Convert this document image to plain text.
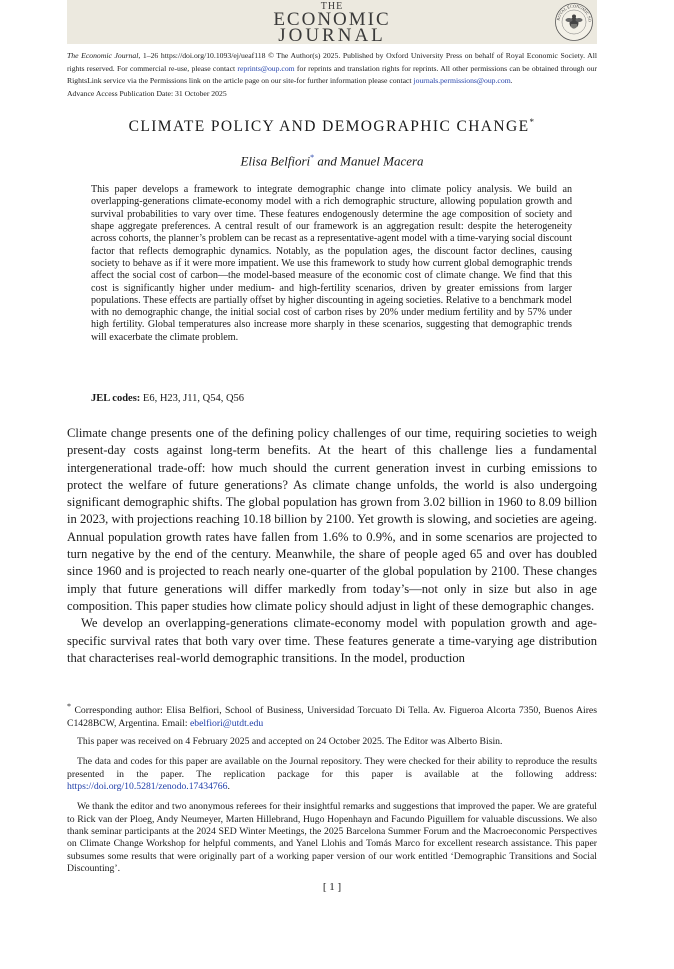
THE
ECONOMIC
JOURNAL
ROYAL ECONOMIC SO
The Economic Journal, 1–26 https://doi.org/10.1093/ej/ueaf118 © The Author(s) 2025. Published by Oxford University Press on behalf of Royal Economic Society. All rights reserved. For commercial re-use, please contact reprints@oup.com for reprints and translation rights for reprints. All other permissions can be obtained through our RightsLink service via the Permissions link on the article page on our site-for further information please contact journals.permissions@oup.com.
Advance Access Publication Date: 31 October 2025
CLIMATE POLICY AND DEMOGRAPHIC CHANGE*
Elisa Belfiori* and Manuel Macera
This paper develops a framework to integrate demographic change into climate policy analysis. We build an overlapping-generations climate-economy model with a rich demographic structure, allowing population growth and survival probabilities to vary over time. These features endogenously determine the age composition of society and shape aggregate preferences. A central result of our framework is an aggregation result: despite the heterogeneity across cohorts, the planner’s problem can be recast as a representative-agent model with a time-varying social discount factor that reflects demographic dynamics. Notably, as the population ages, the discount factor declines, causing society to behave as if it were more impatient. We use this framework to study how current global demographic trends affect the social cost of carbon—the model-based measure of the economic cost of climate change. We find that this cost is significantly higher under medium- and high-fertility scenarios, driven by greater emissions from larger populations. These effects are partially offset by higher discounting in ageing societies. Relative to a benchmark model with no demographic change, the initial social cost of carbon rises by 20% under medium fertility and by 57% under high fertility. Global temperatures also increase more sharply in these scenarios, suggesting that demographic trends will exacerbate the climate problem.
JEL codes: E6, H23, J11, Q54, Q56

Climate change presents one of the defining policy challenges of our time, requiring societies to weigh present-day costs against long-term benefits. At the heart of this challenge lies a fundamental intergenerational trade-off: how much should the current generation invest in curbing emissions to protect the welfare of future generations? As climate change unfolds, the world is also undergoing significant demographic shifts. The global population has grown from 3.02 billion in 1960 to 8.09 billion in 2023, with projections reaching 10.18 billion by 2100. Yet growth is slowing, and societies are ageing. Annual population growth rates have fallen from 1.6% to 0.9%, and in some scenarios are projected to turn negative by the end of the century. Meanwhile, the share of people aged 65 and over has doubled since 1960 and is projected to reach nearly one-quarter of the global population by 2100. These changes imply that future generations will differ markedly from today’s—not only in size but also in age composition. This paper studies how climate policy should adjust in light of these demographic changes.

We develop an overlapping-generations climate-economy model with population growth and age-specific survival rates that both vary over time. These features generate a time-varying age distribution that characterises real-world demographic transitions. In the model, production

* Corresponding author: Elisa Belfiori, School of Business, Universidad Torcuato Di Tella. Av. Figueroa Alcorta 7350, Buenos Aires C1428BCW, Argentina. Email: ebelfiori@utdt.edu

This paper was received on 4 February 2025 and accepted on 24 October 2025. The Editor was Alberto Bisin.

The data and codes for this paper are available on the Journal repository. They were checked for their ability to reproduce the results presented in the paper. The replication package for this paper is available at the following address: https://doi.org/10.5281/zenodo.17434766.

We thank the editor and two anonymous referees for their insightful remarks and suggestions that improved the paper. We are grateful to Rick van der Ploeg, Andy Neumeyer, Marten Hillebrand, Hugo Hopenhayn and Facundo Piguillem for valuable discussions. We also thank seminar participants at the 2024 SED Winter Meetings, the 2025 Barcelona Summer Forum and the Macroeconomic Perspectives on Climate Change Workshop for helpful comments, and Yanel Llohis and Tomás Marco for excellent research assistance. This paper subsumes some results that were originally part of a working paper version of our work entitled ‘Demographic Transitions and Social Discounting’.

[ 1 ]
